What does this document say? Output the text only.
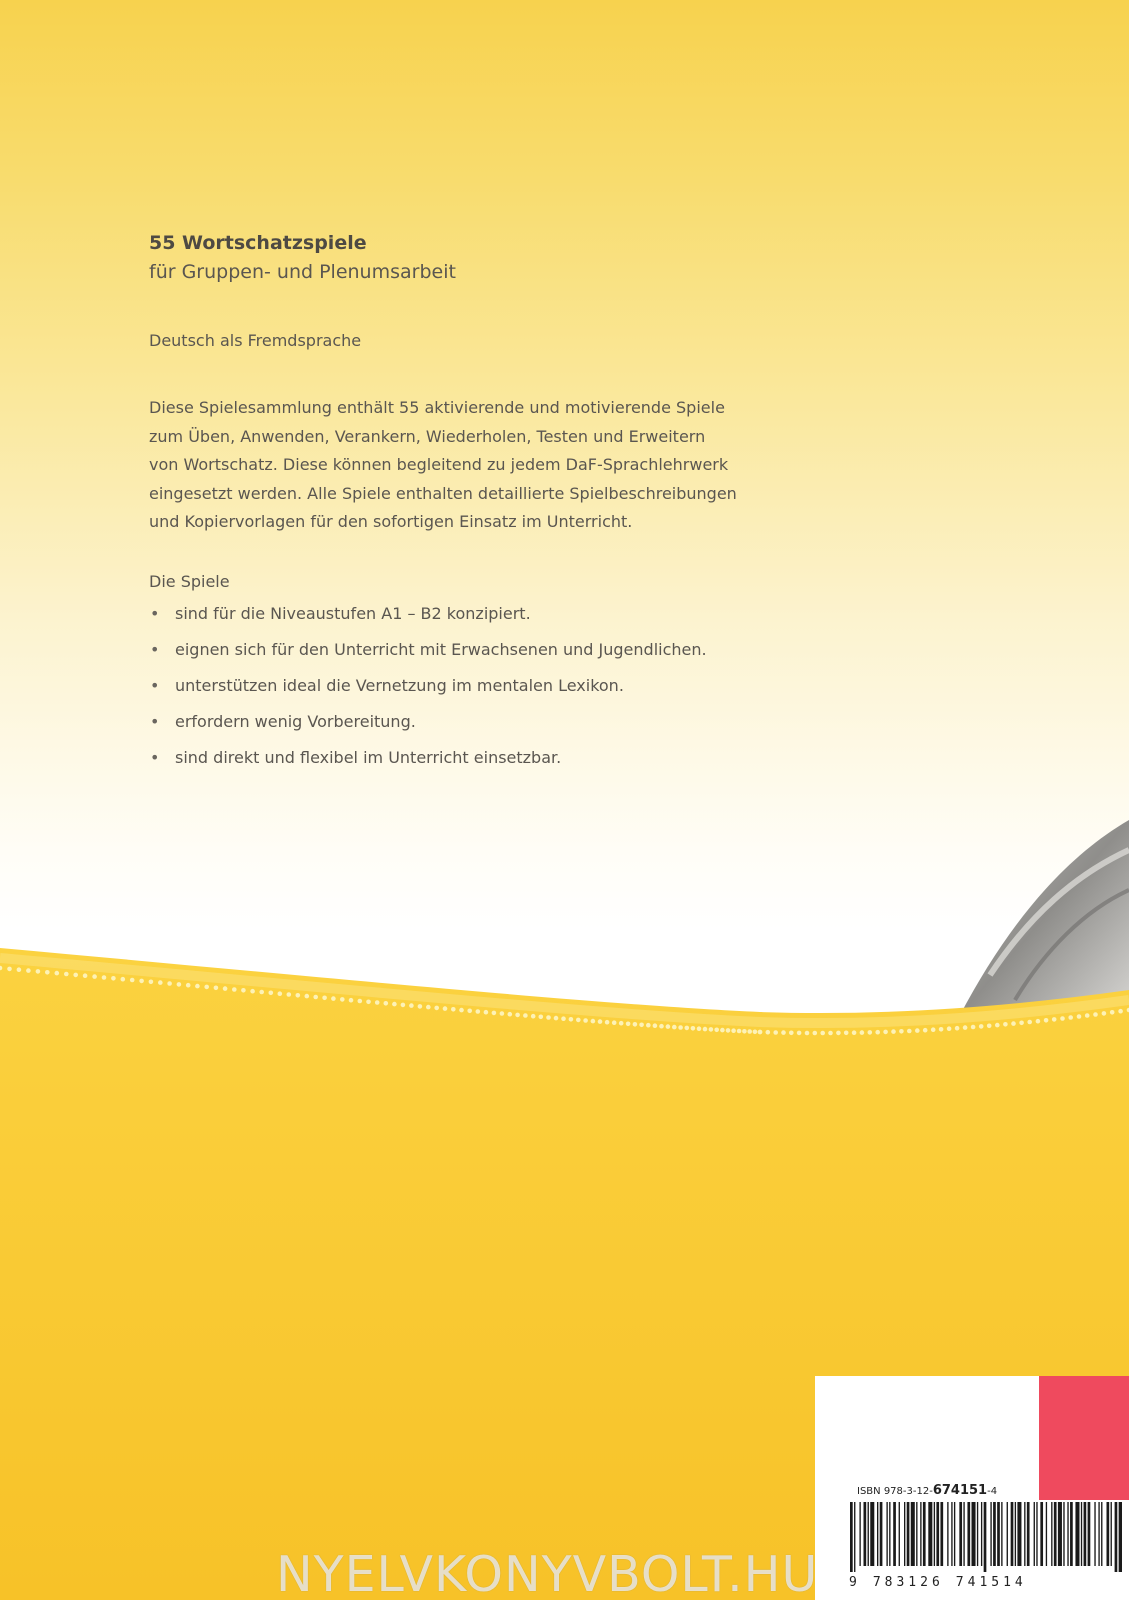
55 Wortschatzspiele
für Gruppen- und Plenumsarbeit
Deutsch als Fremdsprache

Diese Spielesammlung enthält 55 aktivierende und motivierende Spiele

zum Üben, Anwenden, Verankern, Wiederholen, Testen und Erweitern

von Wortschatz. Diese können begleitend zu jedem DaF-Sprachlehrwerk

eingesetzt werden. Alle Spiele enthalten detaillierte Spielbeschreibungen

und Kopiervorlagen für den sofortigen Einsatz im Unterricht.

Die Spiele
• sind für die Niveaustufen A1 – B2 konzipiert.
• eignen sich für den Unterricht mit Erwachsenen und Jugendlichen.
• unterstützen ideal die Vernetzung im mentalen Lexikon.
• erfordern wenig Vorbereitung.
• sind direkt und flexibel im Unterricht einsetzbar.
ISBN 978-3-12-674151-4
9 783126 741514
NYELVKONYVBOLT.HU
